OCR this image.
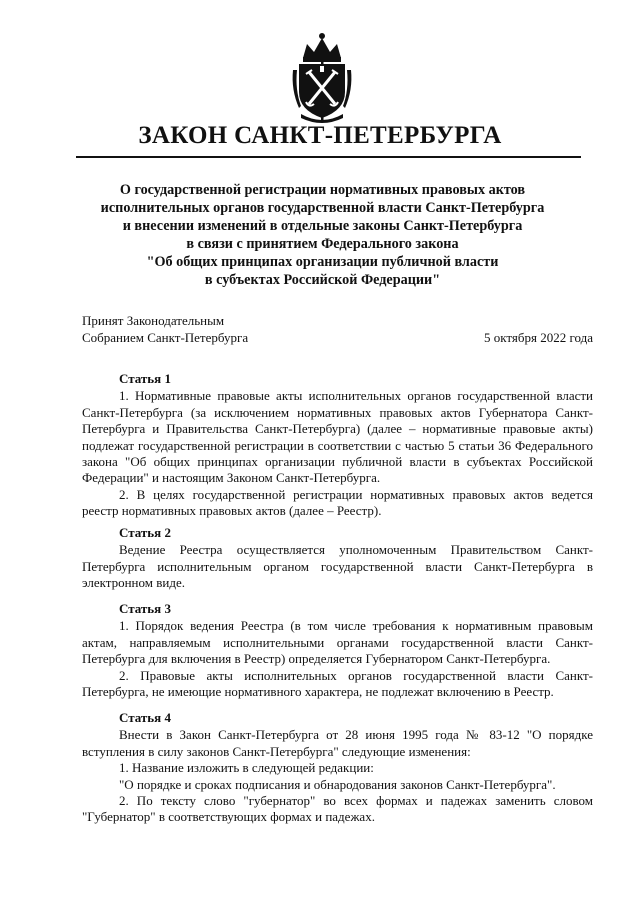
ЗАКОН САНКТ-ПЕТЕРБУРГА
О государственной регистрации нормативных правовых актов
исполнительных органов государственной власти Санкт-Петербурга
и внесении изменений в отдельные законы Санкт-Петербурга
в связи с принятием Федерального закона
"Об общих принципах организации публичной власти
в субъектах Российской Федерации"
Принят Законодательным
Собранием Санкт-Петербурга	5 октября 2022 года
Статья 1

1. Нормативные правовые акты исполнительных органов государственной власти Санкт-Петербурга (за исключением нормативных правовых актов Губернатора Санкт-Петербурга и Правительства Санкт-Петербурга) (далее – нормативные правовые акты) подлежат государственной регистрации в соответствии с частью 5 статьи 36 Федерального закона "Об общих принципах организации публичной власти в субъектах Российской Федерации" и настоящим Законом Санкт-Петербурга.

2. В целях государственной регистрации нормативных правовых актов ведется реестр нормативных правовых актов (далее – Реестр).

Статья 2

Ведение Реестра осуществляется уполномоченным Правительством Санкт-Петербурга исполнительным органом государственной власти Санкт-Петербурга в электронном виде.

Статья 3

1. Порядок ведения Реестра (в том числе требования к нормативным правовым актам, направляемым исполнительными органами государственной власти Санкт-Петербурга для включения в Реестр) определяется Губернатором Санкт-Петербурга.

2. Правовые акты исполнительных органов государственной власти Санкт-Петербурга, не имеющие нормативного характера, не подлежат включению в Реестр.

Статья 4

Внести в Закон Санкт-Петербурга от 28 июня 1995 года № 83-12 "О порядке вступления в силу законов Санкт-Петербурга" следующие изменения:

1. Название изложить в следующей редакции:

"О порядке и сроках подписания и обнародования законов Санкт-Петербурга".

2. По тексту слово "губернатор" во всех формах и падежах заменить словом "Губернатор" в соответствующих формах и падежах.
